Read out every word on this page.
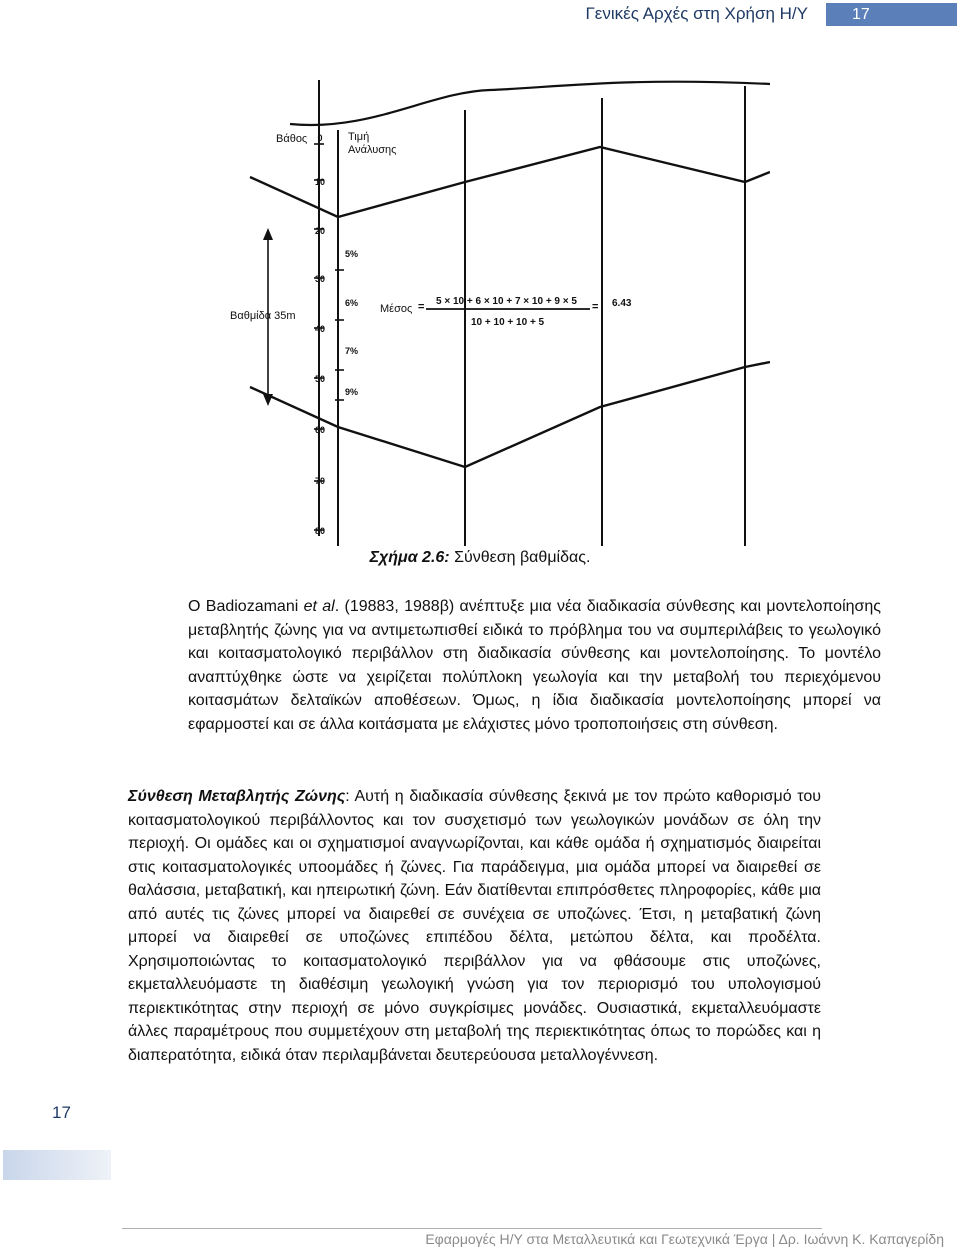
Γενικές Αρχές στη Χρήση Η/Υ	17
0
10
20
30
40
50
60
70
80
5%
6%
7%
9%
Βάθος	Τιμή
Ανάλυσης
Βαθμίδα 35m
Μέσος
5 × 10 + 6 × 10 + 7 × 10 + 9 × 5
10 + 10 + 10 + 5
=	= 6.43
Σχήμα 2.6: Σύνθεση βαθμίδας.
Ο Badiozamani et al. (19883, 1988β) ανέπτυξε μια νέα διαδικασία σύνθεσης και μοντελοποίησης μεταβλητής ζώνης για να αντιμετωπισθεί ειδικά το πρόβλημα του να συμπεριλάβεις το γεωλογικό και κοιτασματολογικό περιβάλλον στη διαδικασία σύνθεσης και μοντελοποίησης. Το μοντέλο αναπτύχθηκε ώστε να χειρίζεται πολύπλοκη γεωλογία και την μεταβολή του περιεχόμενου κοιτασμάτων δελταϊκών αποθέσεων. Όμως, η ίδια διαδικασία μοντελοποίησης μπορεί να εφαρμοστεί και σε άλλα κοιτάσματα με ελάχιστες μόνο τροποποιήσεις στη σύνθεση.
Σύνθεση Μεταβλητής Ζώνης: Αυτή η διαδικασία σύνθεσης ξεκινά με τον πρώτο καθορισμό του κοιτασματολογικού περιβάλλοντος και τον συσχετισμό των γεωλογικών μονάδων σε όλη την περιοχή. Οι ομάδες και οι σχηματισμοί αναγνωρίζονται, και κάθε ομάδα ή σχηματισμός διαιρείται στις κοιτασματολογικές υποομάδες ή ζώνες. Για παράδειγμα, μια ομάδα μπορεί να διαιρεθεί σε θαλάσσια, μεταβατική, και ηπειρωτική ζώνη. Εάν διατίθενται επιπρόσθετες πληροφορίες, κάθε μια από αυτές τις ζώνες μπορεί να διαιρεθεί σε συνέχεια σε υποζώνες. Έτσι, η μεταβατική ζώνη μπορεί να διαιρεθεί σε υποζώνες επιπέδου δέλτα, μετώπου δέλτα, και προδέλτα. Χρησιμοποιώντας το κοιτασματολογικό περιβάλλον για να φθάσουμε στις υποζώνες, εκμεταλλευόμαστε τη διαθέσιμη γεωλογική γνώση για τον περιορισμό του υπολογισμού περιεκτικότητας στην περιοχή σε μόνο συγκρίσιμες μονάδες. Ουσιαστικά, εκμεταλλευόμαστε άλλες παραμέτρους που συμμετέχουν στη μεταβολή της περιεκτικότητας όπως το πορώδες και η διαπερατότητα, ειδικά όταν περιλαμβάνεται δευτερεύουσα μεταλλογέννεση.
17
Εφαρμογές Η/Υ στα Μεταλλευτικά και Γεωτεχνικά Έργα | Δρ. Ιωάννη Κ. Καπαγερίδη
